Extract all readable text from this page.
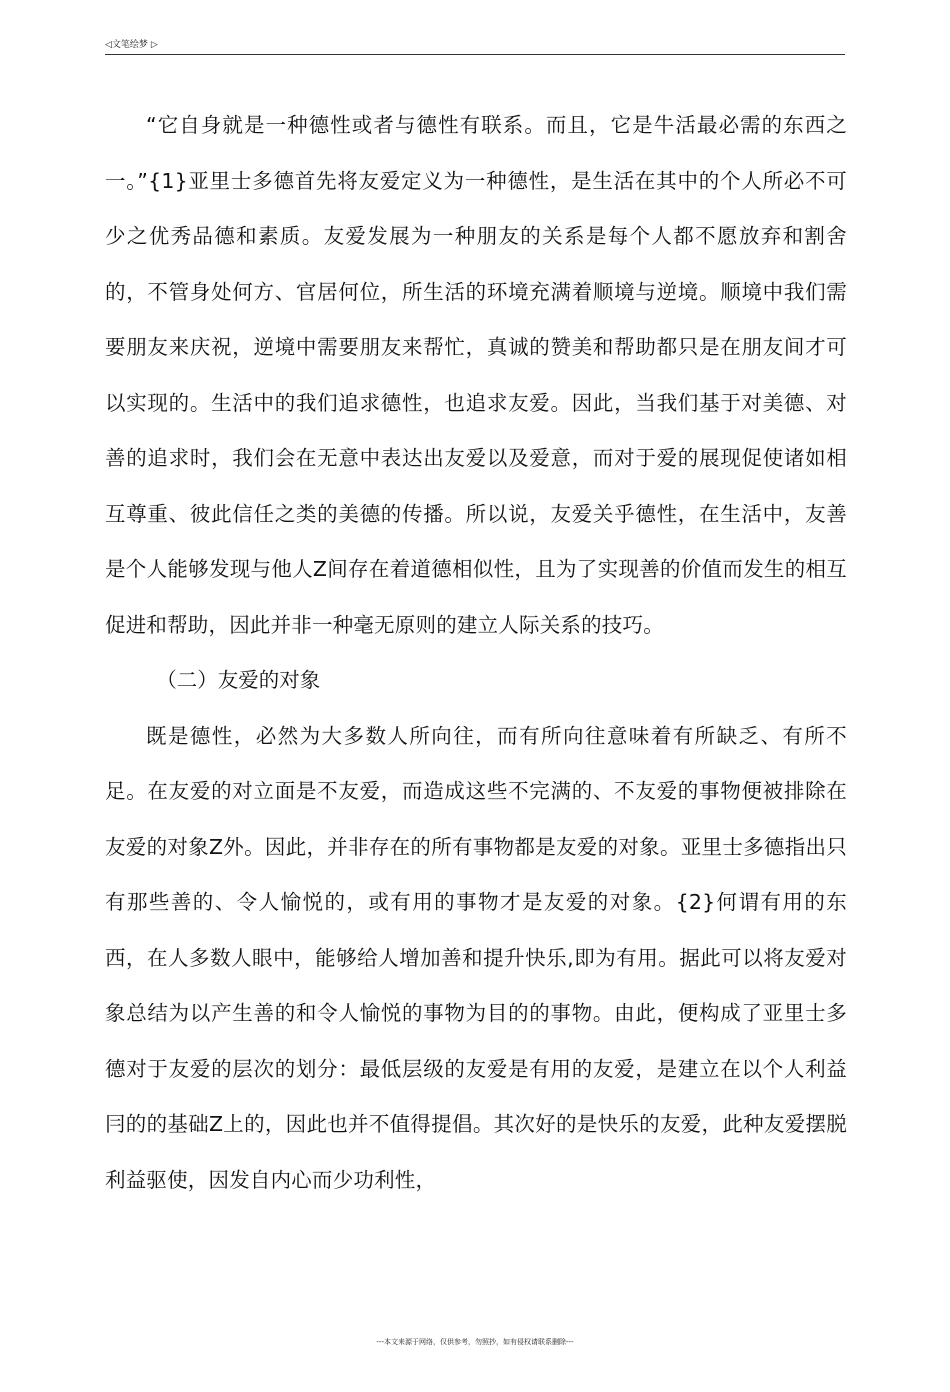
◁文笔绘梦 ▷

“它自身就是一种德性或者与德性有联系。而且，它是牛活最必需的东西之一。”{1}亚里士多德首先将友爱定义为一种德性，是生活在其中的个人所必不可少之优秀品德和素质。友爱发展为一种朋友的关系是每个人都不愿放弃和割舍的，不管身处何方、官居何位，所生活的环境充满着顺境与逆境。顺境中我们需要朋友来庆祝，逆境中需要朋友来帮忙，真诚的赞美和帮助都只是在朋友间才可以实现的。生活中的我们追求德性，也追求友爱。因此，当我们基于对美德、对善的追求时，我们会在无意中表达出友爱以及爱意，而对于爱的展现促使诸如相互尊重、彼此信任之类的美德的传播。所以说，友爱关乎德性，在生活中，友善是个人能够发现与他人Z间存在着道德相似性，且为了实现善的价值而发生的相互促进和帮助，因此并非一种毫无原则的建立人际关系的技巧。

（二）友爱的对象

既是德性，必然为大多数人所向往，而有所向往意味着有所缺乏、有所不足。在友爱的对立面是不友爱，而造成这些不完满的、不友爱的事物便被排除在友爱的对象Z外。因此，并非存在的所有事物都是友爱的对象。亚里士多德指出只有那些善的、令人愉悦的，或有用的事物才是友爱的对象。{2}何谓有用的东西，在人多数人眼中，能够给人增加善和提升快乐,即为有用。据此可以将友爱对象总结为以产生善的和令人愉悦的事物为目的的事物。由此，便构成了亚里士多德对于友爱的层次的划分：最低层级的友爱是有用的友爱，是建立在以个人利益冃的的基础Z上的，因此也并不值得提倡。其次好的是快乐的友爱，此种友爱摆脱利益驱使，因发自内心而少功利性，

---本文来源于网络，仅供参考，勿照抄，如有侵权请联系删除---
